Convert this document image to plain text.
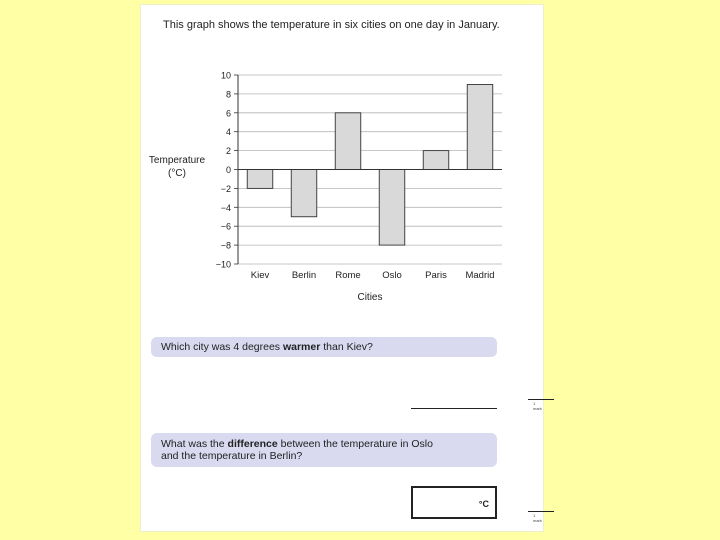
This graph shows the temperature in six cities on one day in January.
10
8
6
4
2
0
−2
−4
−6
−8
−10
Kiev Berlin Rome Oslo Paris Madrid
Cities
Temperature
(°C)
Which city was 4 degrees warmer than Kiev?
1 mark
What was the difference between the temperature in Oslo
and the temperature in Berlin?
°C
1 mark
